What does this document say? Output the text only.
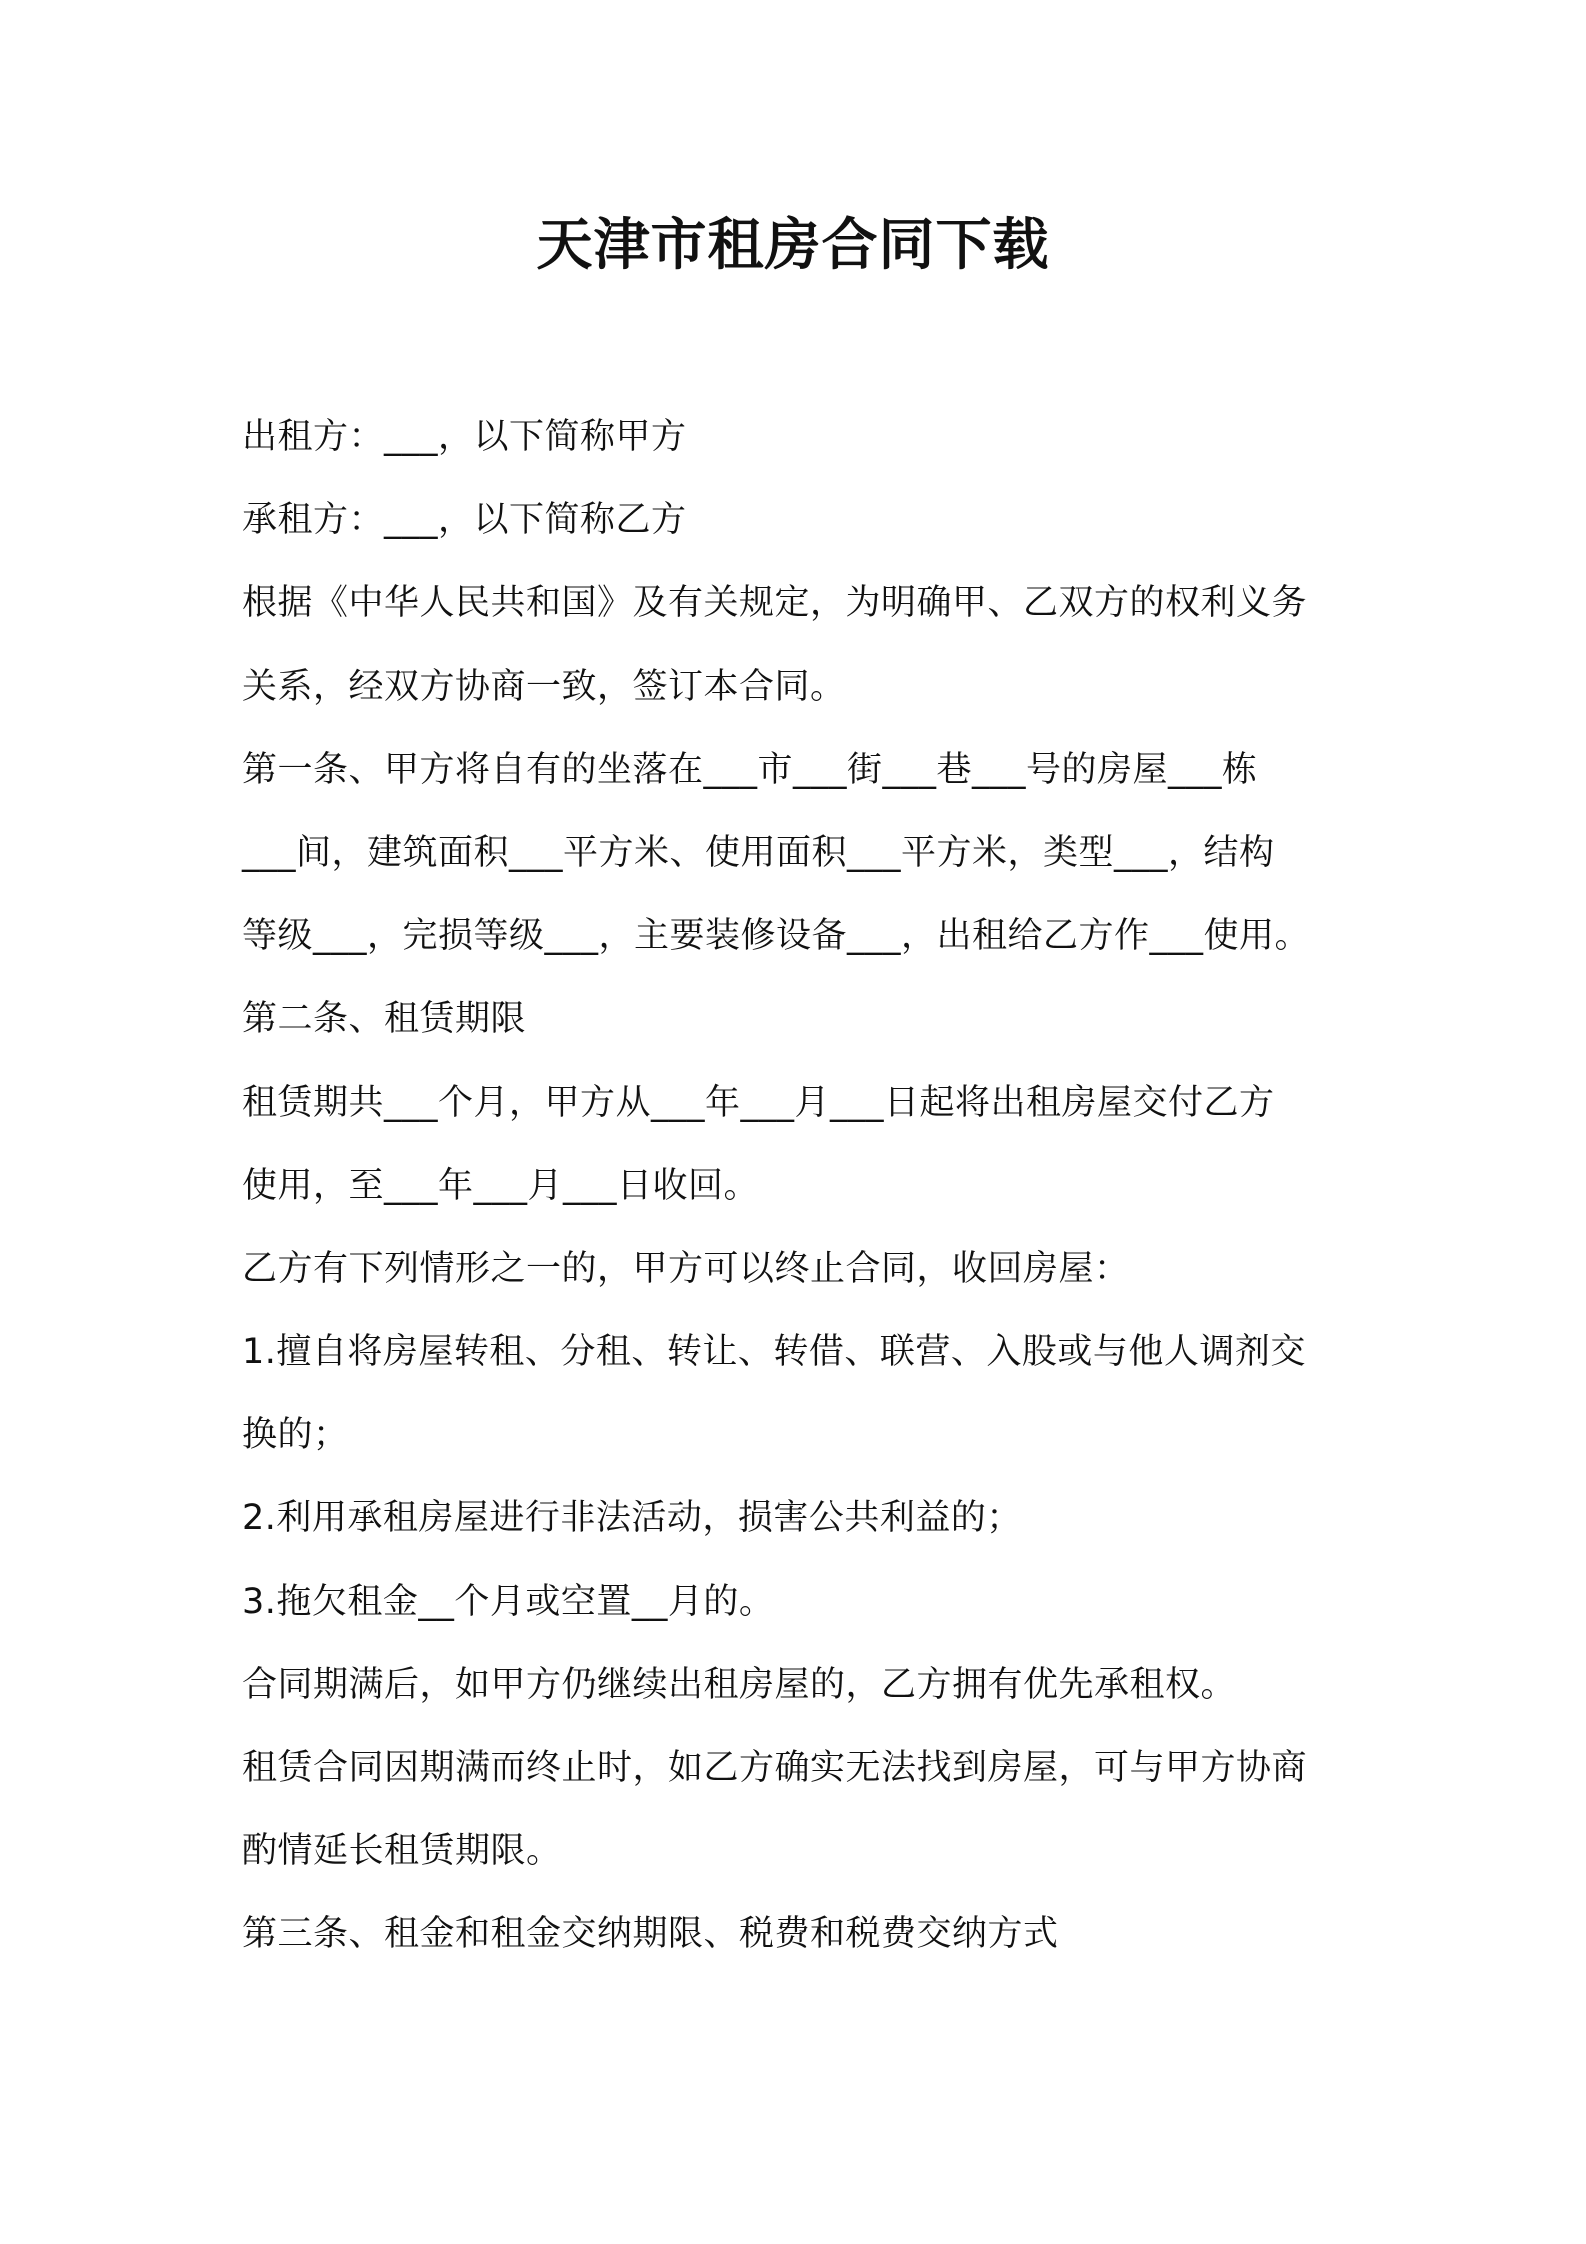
天津市租房合同下载
出租方：___，以下简称甲方
承租方：___，以下简称乙方
根据《中华人民共和国》及有关规定，为明确甲、乙双方的权利义务
关系，经双方协商一致，签订本合同。
第一条、甲方将自有的坐落在___市___街___巷___号的房屋___栋
___间，建筑面积___平方米、使用面积___平方米，类型___，结构
等级___，完损等级___，主要装修设备___，出租给乙方作___使用。
第二条、租赁期限
租赁期共___个月，甲方从___年___月___日起将出租房屋交付乙方
使用，至___年___月___日收回。
乙方有下列情形之一的，甲方可以终止合同，收回房屋：
1.擅自将房屋转租、分租、转让、转借、联营、入股或与他人调剂交
换的；
2.利用承租房屋进行非法活动，损害公共利益的；
3.拖欠租金__个月或空置__月的。
合同期满后，如甲方仍继续出租房屋的，乙方拥有优先承租权。
租赁合同因期满而终止时，如乙方确实无法找到房屋，可与甲方协商
酌情延长租赁期限。
第三条、租金和租金交纳期限、税费和税费交纳方式
